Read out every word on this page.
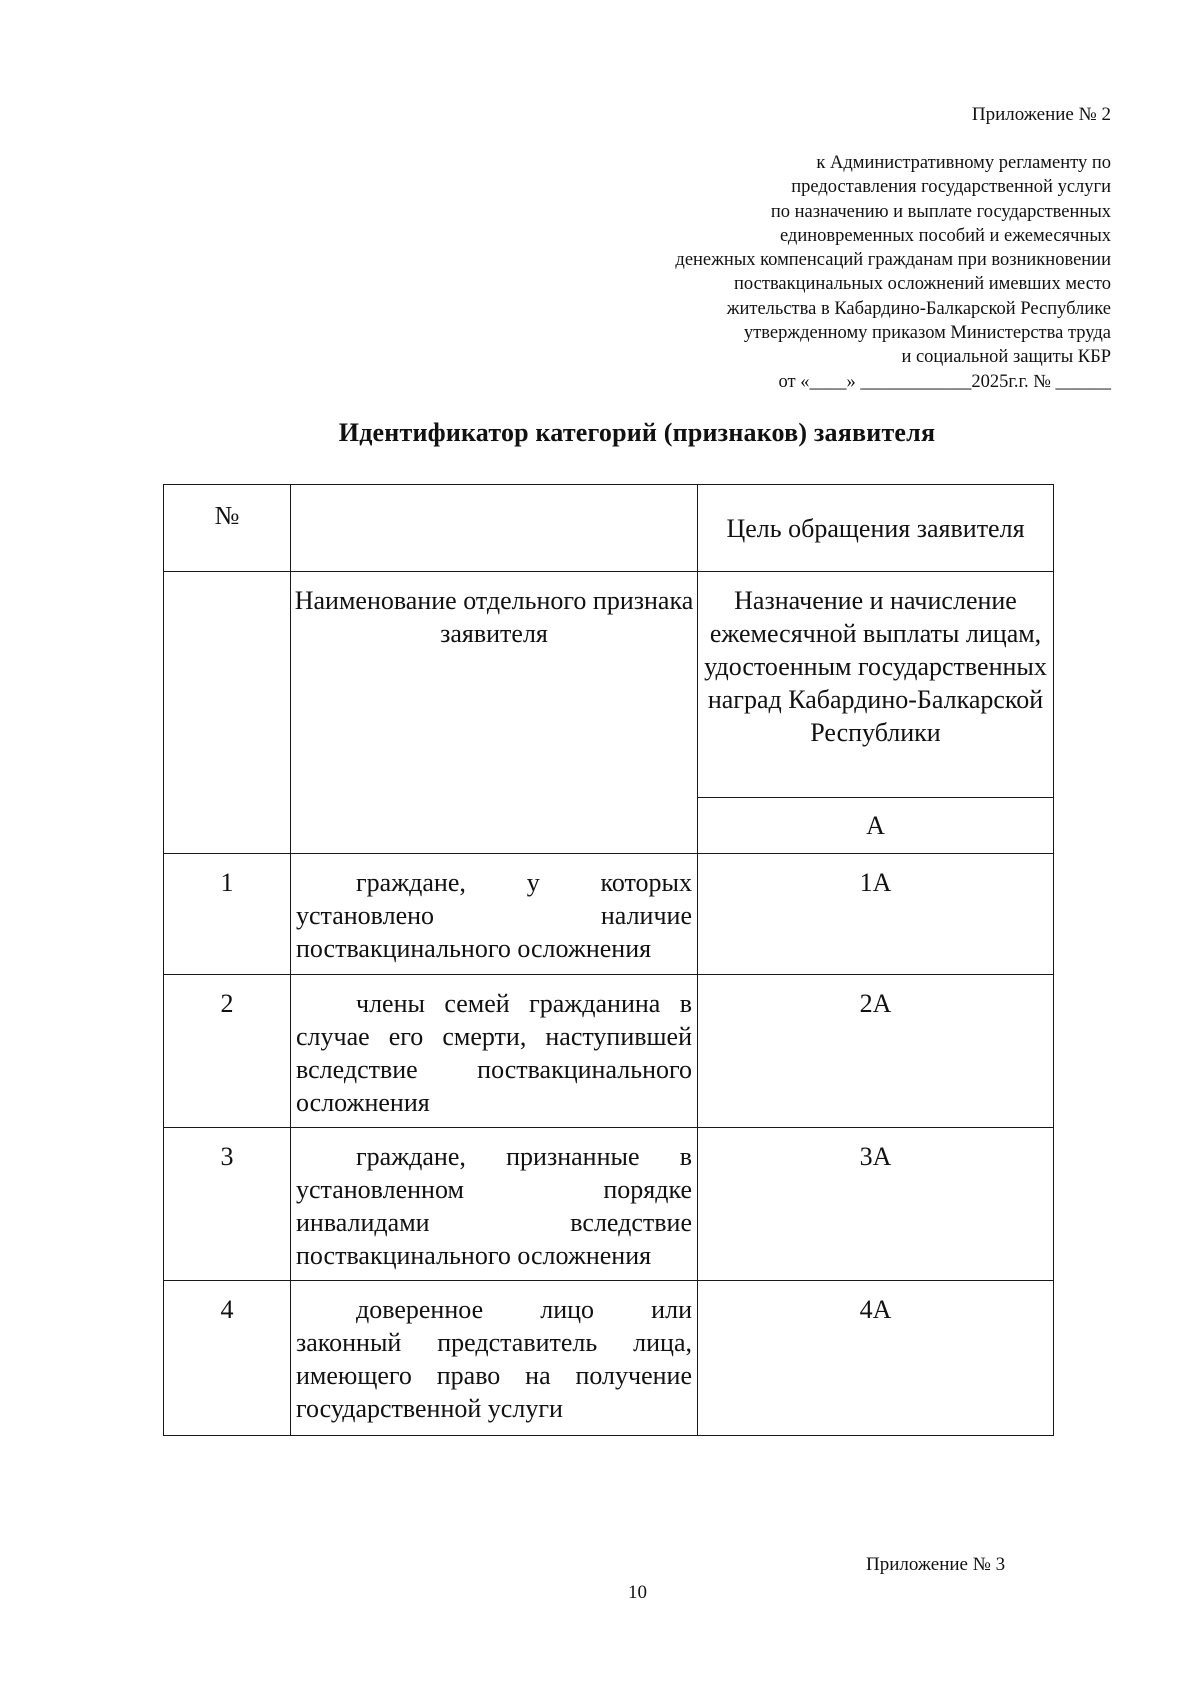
Приложение № 2
к Административному регламенту по
предоставления государственной услуги
по назначению и выплате государственных
единовременных пособий и ежемесячных
денежных компенсаций гражданам при возникновении
поствакцинальных осложнений имевших место
жительства в Кабардино-Балкарской Республике
утвержденному приказом Министерства труда
и социальной защиты КБР
от «____» ____________2025г.г. № ______
Идентификатор категорий (признаков) заявителя
№		Цель обращения заявителя
	Наименование отдельного признака заявителя	Назначение и начисление ежемесячной выплаты лицам, удостоенным государственных наград Кабардино-Балкарской Республики
		А
1	граждане, у которых установлено наличие поствакцинального осложнения	1А
2	члены семей гражданина в случае его смерти, наступившей вследствие поствакцинального осложнения	2А
3	граждане, признанные в установленном порядке инвалидами вследствие поствакцинального осложнения	3А
4	доверенное лицо или законный представитель лица, имеющего право на получение государственной услуги	4А
Приложение № 3
10
